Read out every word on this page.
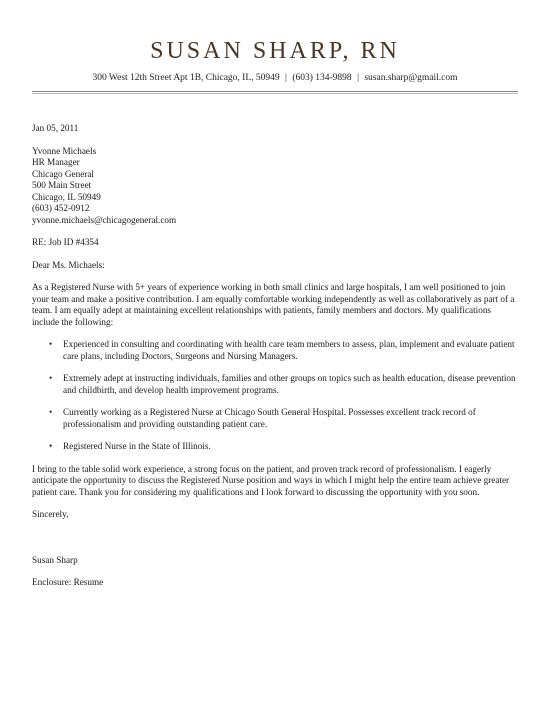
SUSAN SHARP, RN
300 West 12th Street Apt 1B, Chicago, IL, 50949 | (603) 134-9898 | susan.sharp@gmail.com

Jan 05, 2011

Yvonne Michaels
HR Manager
Chicago General
500 Main Street
Chicago, IL 50949
(603) 452-0912
yvonne.michaels@chicagogeneral.com

RE: Job ID #4354

Dear Ms. Michaels:

As a Registered Nurse with 5+ years of experience working in both small clinics and large hospitals, I am well positioned to join your team and make a positive contribution. I am equally comfortable working independently as well as collaboratively as part of a team. I am equally adept at maintaining excellent relationships with patients, family members and doctors. My qualifications include the following:

• Experienced in consulting and coordinating with health care team members to assess, plan, implement and evaluate patient care plans, including Doctors, Surgeons and Nursing Managers.
• Extremely adept at instructing individuals, families and other groups on topics such as health education, disease prevention and childbirth, and develop health improvement programs.
• Currently working as a Registered Nurse at Chicago South General Hospital. Possesses excellent track record of professionalism and providing outstanding patient care.
• Registered Nurse in the State of Illinois.

I bring to the table solid work experience, a strong focus on the patient, and proven track record of professionalism. I eagerly anticipate the opportunity to discuss the Registered Nurse position and ways in which I might help the entire team achieve greater patient care. Thank you for considering my qualifications and I look forward to discussing the opportunity with you soon.

Sincerely,

Susan Sharp

Enclosure: Resume
